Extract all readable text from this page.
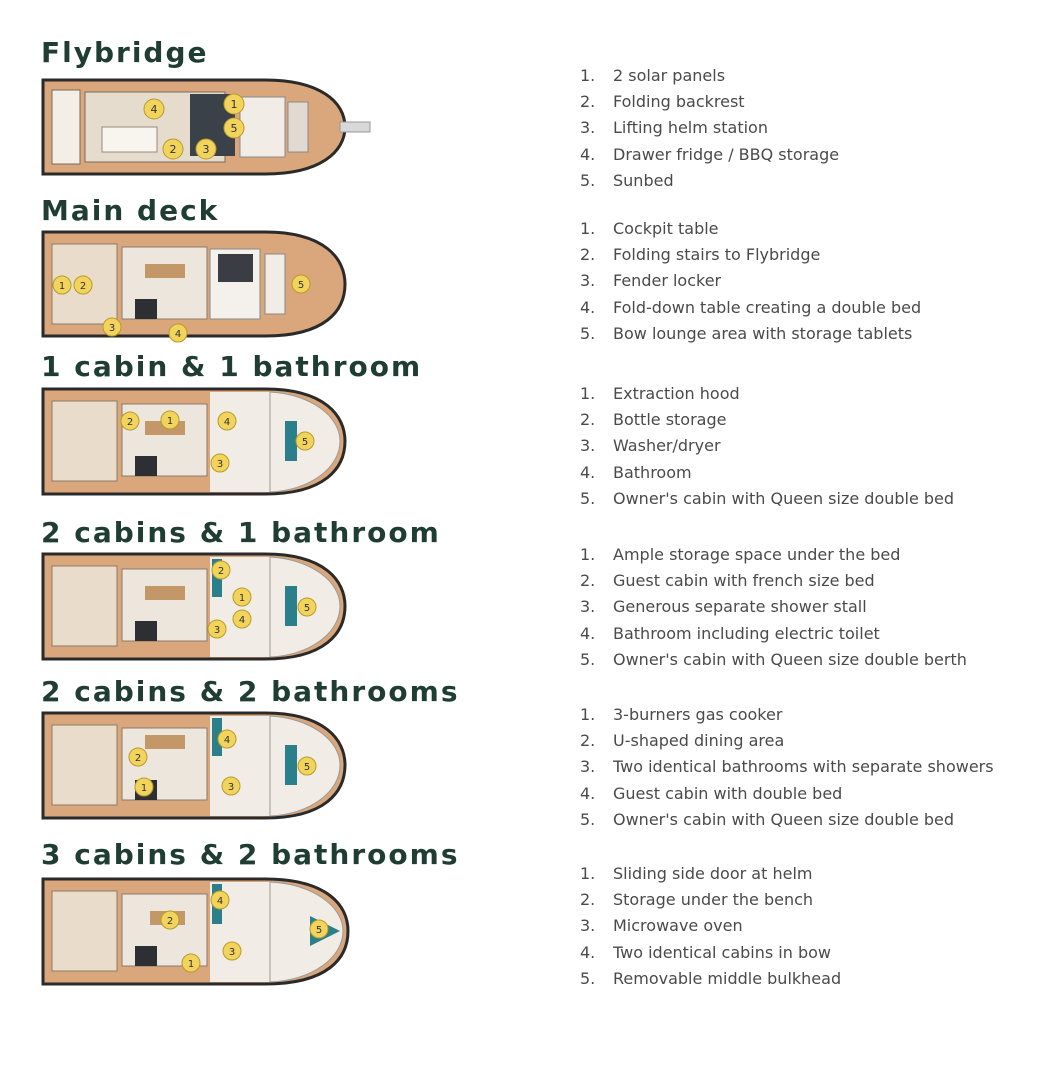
Flybridge
4	1
5
2 3
1. 2 solar panels
2. Folding backrest
3. Lifting helm station
4. Drawer fridge / BBQ storage
5. Sunbed
Main deck
1 2
3
4
5
1. Cockpit table
2. Folding stairs to Flybridge
3. Fender locker
4. Fold-down table creating a double bed
5. Bow lounge area with storage tablets
1 cabin & 1 bathroom
2	1	4
3
5
1. Extraction hood
2. Bottle storage
3. Washer/dryer
4. Bathroom
5. Owner's cabin with Queen size double bed
2 cabins & 1 bathroom
2
1
3
4
5
1. Ample storage space under the bed
2. Guest cabin with french size bed
3. Generous separate shower stall
4. Bathroom including electric toilet
5. Owner's cabin with Queen size double berth
2 cabins & 2 bathrooms
4
2
1	3
5
1. 3-burners gas cooker
2. U-shaped dining area
3. Two identical bathrooms with separate showers
4. Guest cabin with double bed
5. Owner's cabin with Queen size double bed
3 cabins & 2 bathrooms
4
2
1
3
5
1. Sliding side door at helm
2. Storage under the bench
3. Microwave oven
4. Two identical cabins in bow
5. Removable middle bulkhead
